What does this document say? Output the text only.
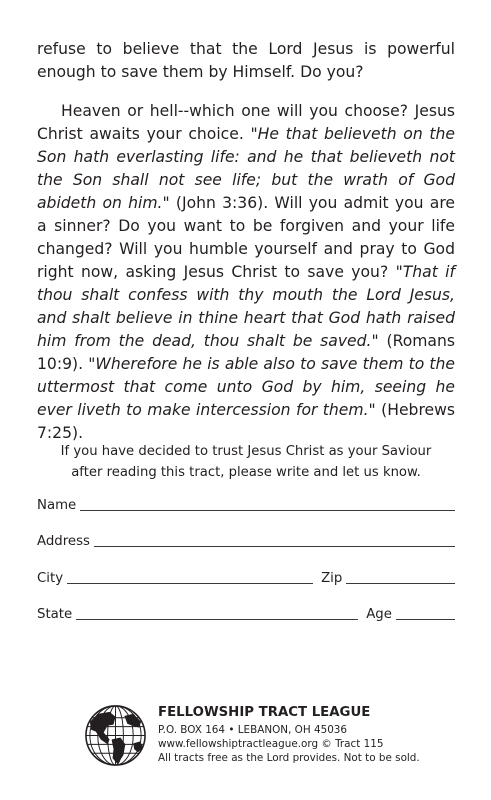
refuse to believe that the Lord Jesus is powerful enough to save them by Himself. Do you?

Heaven or hell--which one will you choose? Jesus Christ awaits your choice. "He that believeth on the Son hath everlasting life: and he that believeth not the Son shall not see life; but the wrath of God abideth on him." (John 3:36). Will you admit you are a sinner? Do you want to be forgiven and your life changed? Will you humble yourself and pray to God right now, asking Jesus Christ to save you? "That if thou shalt confess with thy mouth the Lord Jesus, and shalt believe in thine heart that God hath raised him from the dead, thou shalt be saved." (Romans 10:9). "Wherefore he is able also to save them to the uttermost that come unto God by him, seeing he ever liveth to make intercession for them." (Hebrews 7:25).

If you have decided to trust Jesus Christ as your Saviour
after reading this tract, please write and let us know.
Name
Address
City	Zip
State	Age
FELLOWSHIP TRACT LEAGUE
P.O. BOX 164 • LEBANON, OH 45036
www.fellowshiptractleague.org © Tract 115
All tracts free as the Lord provides. Not to be sold.
